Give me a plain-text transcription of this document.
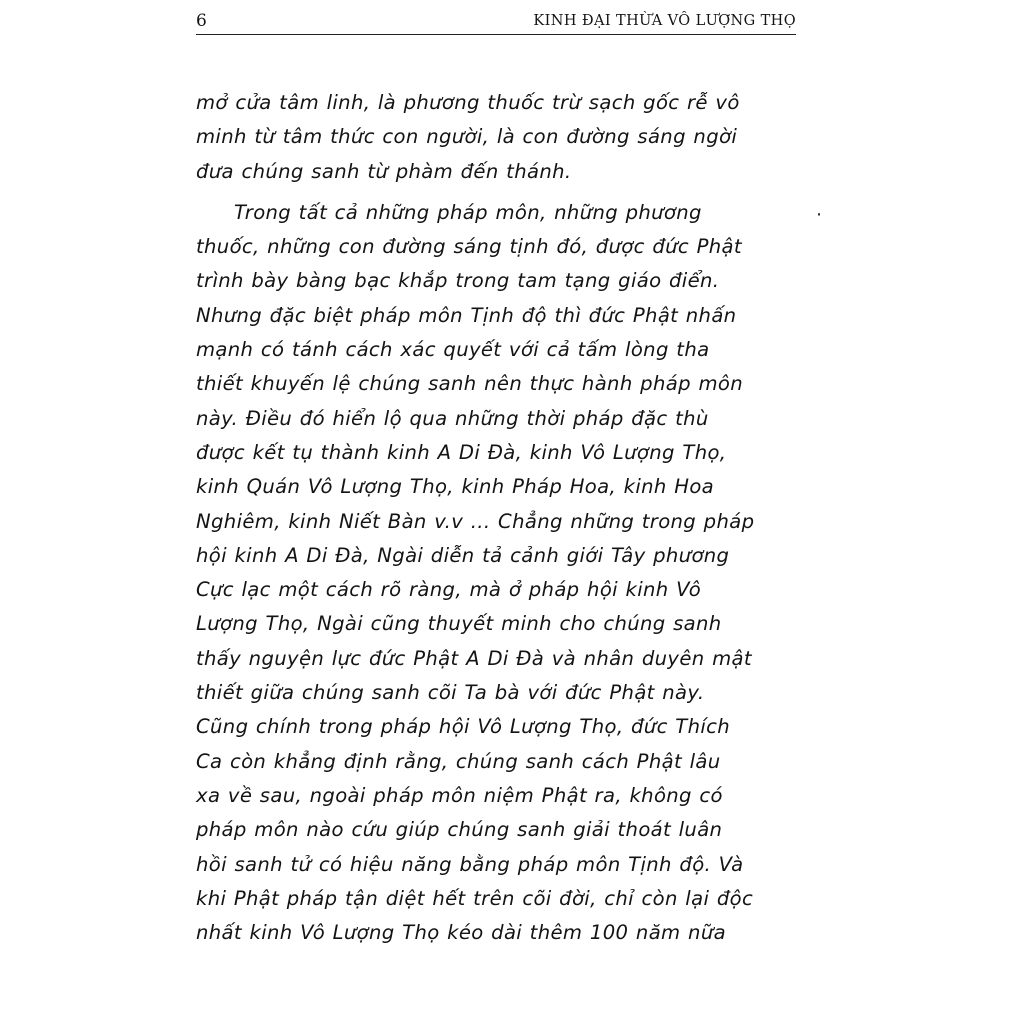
6	KINH ĐẠI THỪA VÔ LƯỢNG THỌ
·

mở cửa tâm linh, là phương thuốc trừ sạch gốc rễ vô
minh từ tâm thức con người, là con đường sáng ngời
đưa chúng sanh từ phàm đến thánh.

Trong tất cả những pháp môn, những phương
thuốc, những con đường sáng tịnh đó, được đức Phật
trình bày bàng bạc khắp trong tam tạng giáo điển.
Nhưng đặc biệt pháp môn Tịnh độ thì đức Phật nhấn
mạnh có tánh cách xác quyết với cả tấm lòng tha
thiết khuyến lệ chúng sanh nên thực hành pháp môn
này. Điều đó hiển lộ qua những thời pháp đặc thù
được kết tụ thành kinh A Di Đà, kinh Vô Lượng Thọ,
kinh Quán Vô Lượng Thọ, kinh Pháp Hoa, kinh Hoa
Nghiêm, kinh Niết Bàn v.v ... Chẳng những trong pháp
hội kinh A Di Đà, Ngài diễn tả cảnh giới Tây phương
Cực lạc một cách rõ ràng, mà ở pháp hội kinh Vô
Lượng Thọ, Ngài cũng thuyết minh cho chúng sanh
thấy nguyện lực đức Phật A Di Đà và nhân duyên mật
thiết giữa chúng sanh cõi Ta bà với đức Phật này.
Cũng chính trong pháp hội Vô Lượng Thọ, đức Thích
Ca còn khẳng định rằng, chúng sanh cách Phật lâu
xa về sau, ngoài pháp môn niệm Phật ra, không có
pháp môn nào cứu giúp chúng sanh giải thoát luân
hồi sanh tử có hiệu năng bằng pháp môn Tịnh độ. Và
khi Phật pháp tận diệt hết trên cõi đời, chỉ còn lại độc
nhất kinh Vô Lượng Thọ kéo dài thêm 100 năm nữa
